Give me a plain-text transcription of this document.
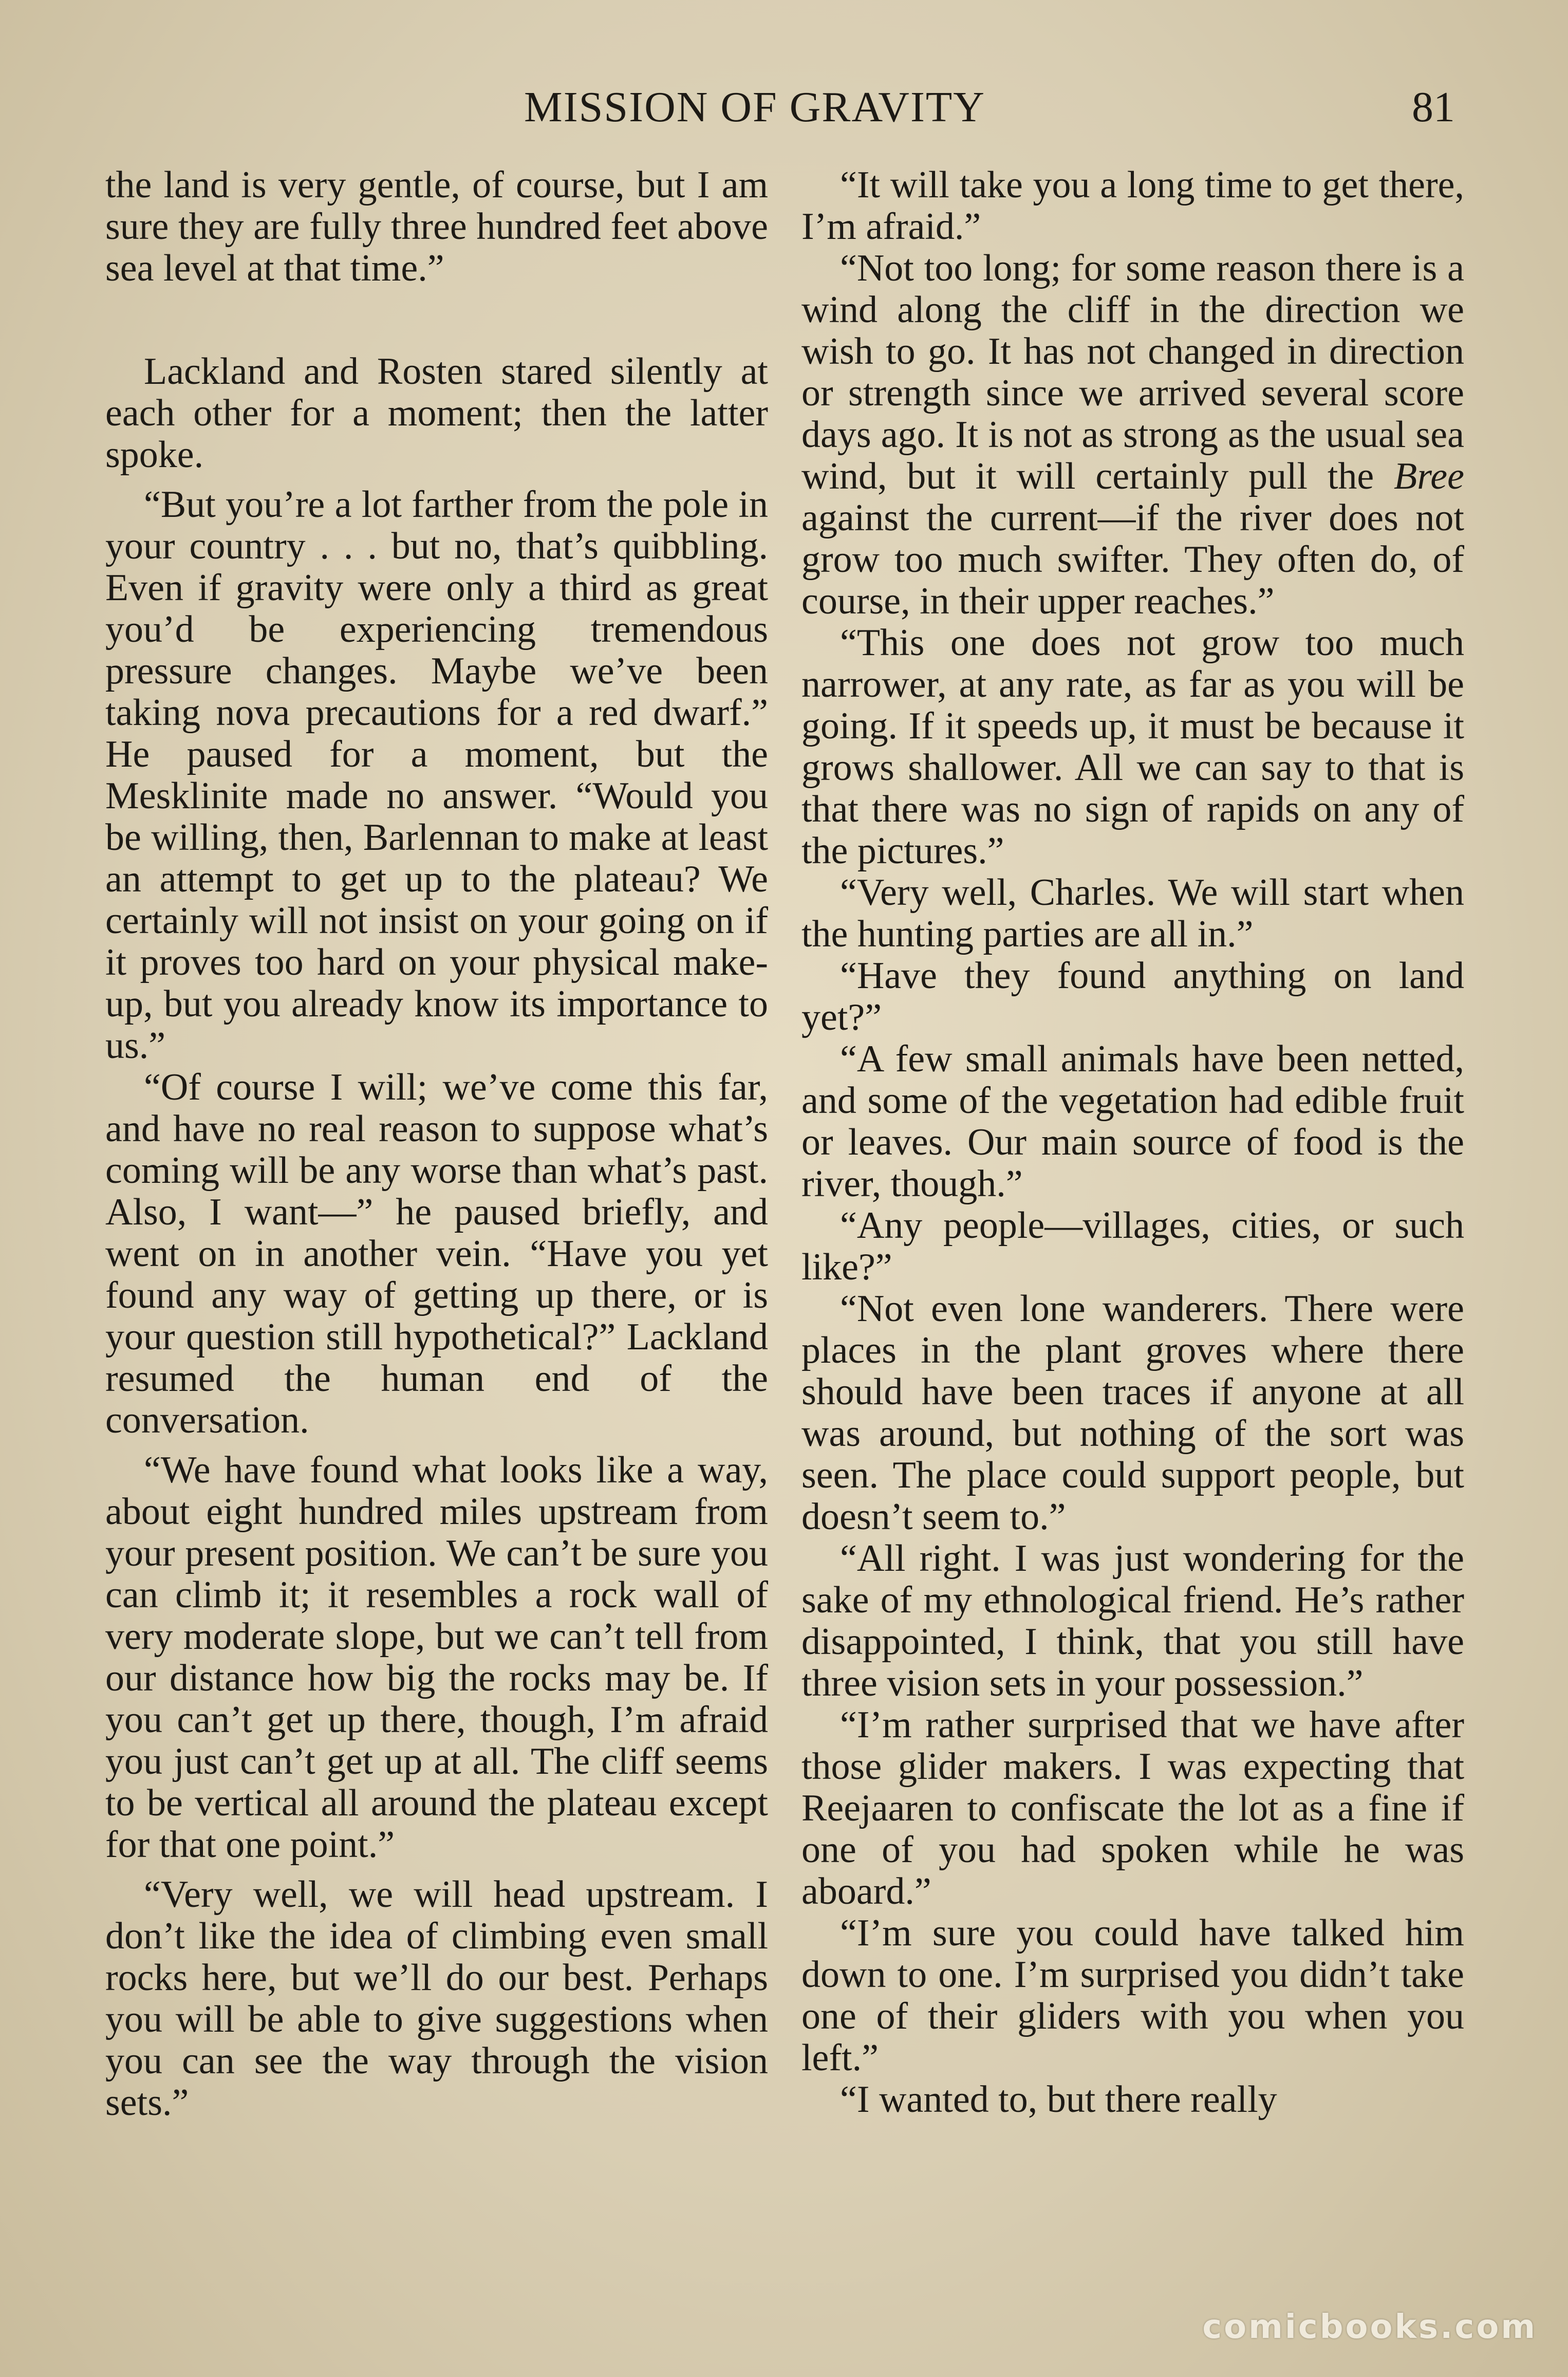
MISSION OF GRAVITY	81

the land is very gentle, of course, but I am sure they are fully three hundred feet above sea level at that time.”

Lackland and Rosten stared silently at each other for a moment; then the latter spoke.

“But you’re a lot farther from the pole in your country . . . but no, that’s quibbling. Even if gravity were only a third as great you’d be experiencing tremendous pressure changes. Maybe we’ve been taking nova precautions for a red dwarf.” He paused for a moment, but the Mesklinite made no answer. “Would you be willing, then, Barlennan to make at least an attempt to get up to the plateau? We certainly will not insist on your going on if it proves too hard on your physical make-up, but you already know its importance to us.”

“Of course I will; we’ve come this far, and have no real reason to suppose what’s coming will be any worse than what’s past. Also, I want—” he paused briefly, and went on in another vein. “Have you yet found any way of getting up there, or is your question still hypothetical?” Lackland resumed the human end of the conversation.

“We have found what looks like a way, about eight hundred miles upstream from your present position. We can’t be sure you can climb it; it resembles a rock wall of very moderate slope, but we can’t tell from our distance how big the rocks may be. If you can’t get up there, though, I’m afraid you just can’t get up at all. The cliff seems to be vertical all around the plateau except for that one point.”

“Very well, we will head upstream. I don’t like the idea of climbing even small rocks here, but we’ll do our best. Perhaps you will be able to give suggestions when you can see the way through the vision sets.”

“It will take you a long time to get there, I’m afraid.”

“Not too long; for some reason there is a wind along the cliff in the direction we wish to go. It has not changed in direction or strength since we arrived several score days ago. It is not as strong as the usual sea wind, but it will certainly pull the Bree against the current—if the river does not grow too much swifter. They often do, of course, in their upper reaches.”

“This one does not grow too much narrower, at any rate, as far as you will be going. If it speeds up, it must be because it grows shallower. All we can say to that is that there was no sign of rapids on any of the pictures.”

“Very well, Charles. We will start when the hunting parties are all in.”

“Have they found anything on land yet?”

“A few small animals have been netted, and some of the vegetation had edible fruit or leaves. Our main source of food is the river, though.”

“Any people—villages, cities, or such like?”

“Not even lone wanderers. There were places in the plant groves where there should have been traces if anyone at all was around, but nothing of the sort was seen. The place could support people, but doesn’t seem to.”

“All right. I was just wondering for the sake of my ethnological friend. He’s rather disappointed, I think, that you still have three vision sets in your possession.”

“I’m rather surprised that we have after those glider makers. I was expecting that Reejaaren to confiscate the lot as a fine if one of you had spoken while he was aboard.”

“I’m sure you could have talked him down to one. I’m surprised you didn’t take one of their gliders with you when you left.”

“I wanted to, but there really

comicbooks.com
